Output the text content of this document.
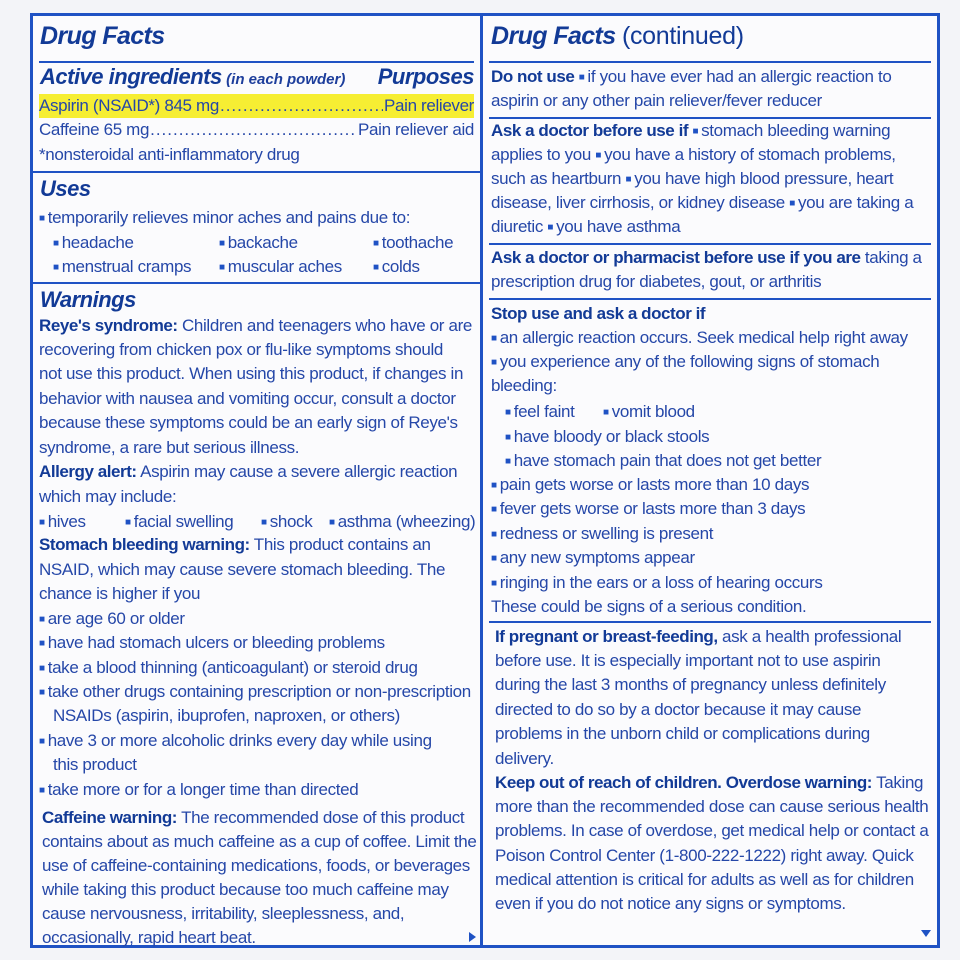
Drug Facts
Active ingredients (in each powder) Purposes
Aspirin (NSAID*) 845 mg .....	Pain reliever
Caffeine 65 mg .....	Pain reliever aid
*nonsteroidal anti-inflammatory drug
Uses
■ temporarily relieves minor aches and pains due to:
■ headache	■ backache	■ toothache
■ menstrual cramps	■ muscular aches	■ colds
Warnings
Reye's syndrome: Children and teenagers who have or are
recovering from chicken pox or flu-like symptoms should
not use this product. When using this product, if changes in
behavior with nausea and vomiting occur, consult a doctor
because these symptoms could be an early sign of Reye's
syndrome, a rare but serious illness.
Allergy alert: Aspirin may cause a severe allergic reaction
which may include:
■ hives	■ facial swelling	■ shock	■ asthma (wheezing)
Stomach bleeding warning: This product contains an
NSAID, which may cause severe stomach bleeding. The
chance is higher if you
■ are age 60 or older
■ have had stomach ulcers or bleeding problems
■ take a blood thinning (anticoagulant) or steroid drug
■ take other drugs containing prescription or non-prescription
NSAIDs (aspirin, ibuprofen, naproxen, or others)
■ have 3 or more alcoholic drinks every day while using
this product
■ take more or for a longer time than directed
Caffeine warning: The recommended dose of this product
contains about as much caffeine as a cup of coffee. Limit the
use of caffeine-containing medications, foods, or beverages
while taking this product because too much caffeine may
cause nervousness, irritability, sleeplessness, and,
occasionally, rapid heart beat.
Drug Facts (continued)
Do not use ■ if you have ever had an allergic reaction to
aspirin or any other pain reliever/fever reducer
Ask a doctor before use if ■ stomach bleeding warning
applies to you ■ you have a history of stomach problems,
such as heartburn ■ you have high blood pressure, heart
disease, liver cirrhosis, or kidney disease ■ you are taking a
diuretic ■ you have asthma
Ask a doctor or pharmacist before use if you are taking a
prescription drug for diabetes, gout, or arthritis
Stop use and ask a doctor if
■ an allergic reaction occurs. Seek medical help right away
■ you experience any of the following signs of stomach
bleeding:
■ feel faint	■ vomit blood
■ have bloody or black stools
■ have stomach pain that does not get better
■ pain gets worse or lasts more than 10 days
■ fever gets worse or lasts more than 3 days
■ redness or swelling is present
■ any new symptoms appear
■ ringing in the ears or a loss of hearing occurs
These could be signs of a serious condition.
If pregnant or breast-feeding, ask a health professional
before use. It is especially important not to use aspirin
during the last 3 months of pregnancy unless definitely
directed to do so by a doctor because it may cause
problems in the unborn child or complications during
delivery.
Keep out of reach of children. Overdose warning: Taking
more than the recommended dose can cause serious health
problems. In case of overdose, get medical help or contact a
Poison Control Center (1-800-222-1222) right away. Quick
medical attention is critical for adults as well as for children
even if you do not notice any signs or symptoms.
